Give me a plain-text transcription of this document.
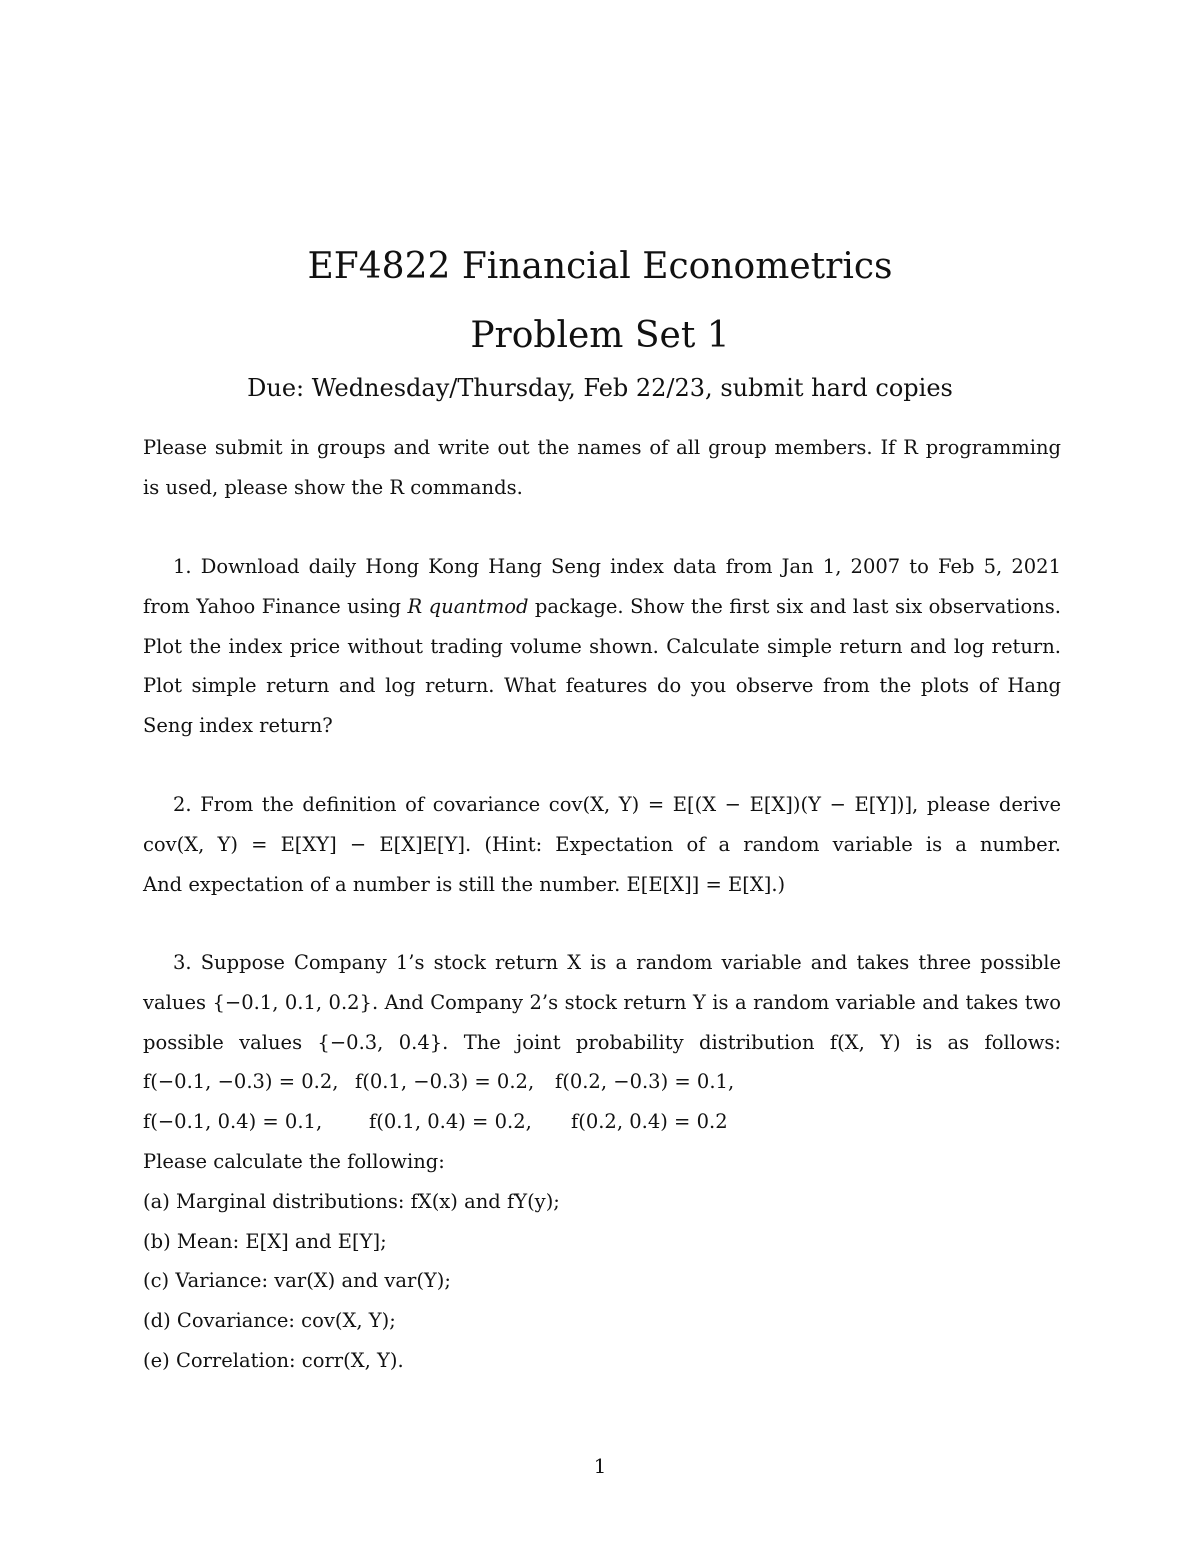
EF4822 Financial Econometrics
Problem Set 1
Due: Wednesday/Thursday, Feb 22/23, submit hard copies
Please submit in groups and write out the names of all group members. If R programming
is used, please show the R commands.
1. Download daily Hong Kong Hang Seng index data from Jan 1, 2007 to Feb 5, 2021
from Yahoo Finance using R quantmod package. Show the first six and last six observations.
Plot the index price without trading volume shown. Calculate simple return and log return.
Plot simple return and log return. What features do you observe from the plots of Hang
Seng index return?
2. From the definition of covariance cov(X, Y) = E[(X − E[X])(Y − E[Y])], please derive
cov(X, Y) = E[XY] − E[X]E[Y]. (Hint: Expectation of a random variable is a number.
And expectation of a number is still the number. E[E[X]] = E[X].)
3. Suppose Company 1’s stock return X is a random variable and takes three possible
values {−0.1, 0.1, 0.2}. And Company 2’s stock return Y is a random variable and takes two
possible values {−0.3, 0.4}. The joint probability distribution f(X, Y) is as follows:
f(−0.1, −0.3) = 0.2, f(0.1, −0.3) = 0.2, f(0.2, −0.3) = 0.1,
f(−0.1, 0.4) = 0.1, f(0.1, 0.4) = 0.2, f(0.2, 0.4) = 0.2
Please calculate the following:
(a) Marginal distributions: fX(x) and fY(y);
(b) Mean: E[X] and E[Y];
(c) Variance: var(X) and var(Y);
(d) Covariance: cov(X, Y);
(e) Correlation: corr(X, Y).
1
